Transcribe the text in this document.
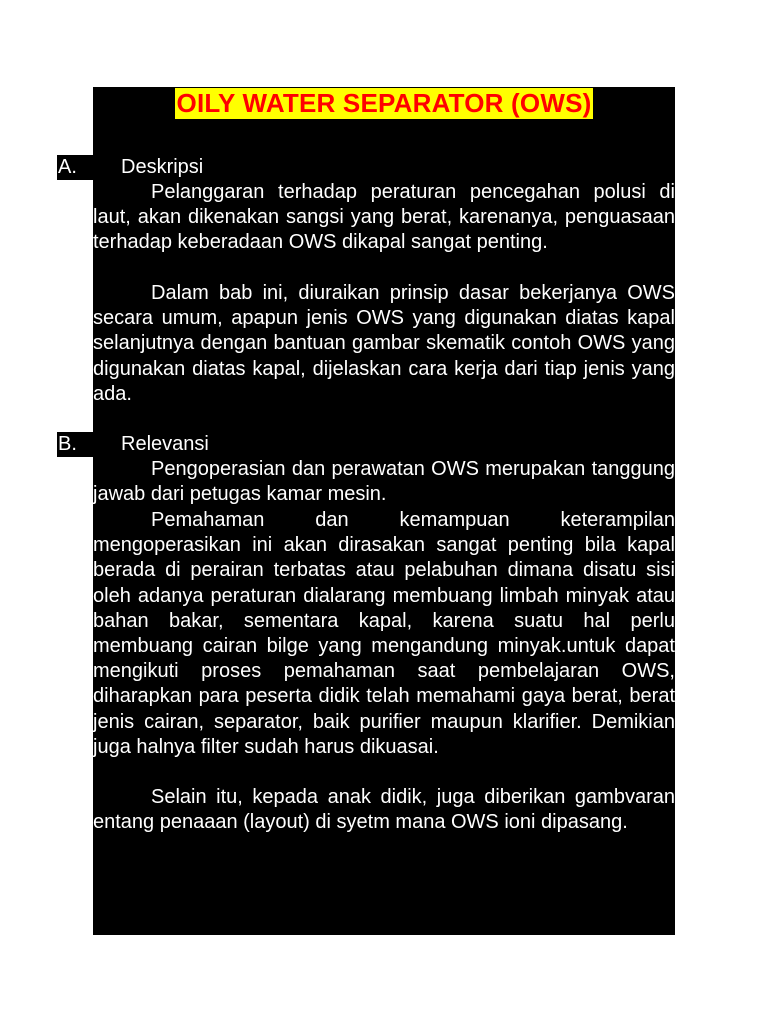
OILY WATER SEPARATOR (OWS)
A.	Deskripsi

Pelanggaran terhadap peraturan pencegahan polusi di laut, akan dikenakan sangsi yang berat, karenanya, penguasaan terhadap keberadaan OWS dikapal sangat penting.

Dalam bab ini, diuraikan prinsip dasar bekerjanya OWS secara umum, apapun jenis OWS yang digunakan diatas kapal selanjutnya dengan bantuan gambar skematik contoh OWS yang digunakan diatas kapal, dijelaskan cara kerja dari tiap jenis yang ada.

B.	Relevansi

Pengoperasian dan perawatan OWS merupakan tanggung jawab dari petugas kamar mesin.

Pemahaman dan kemampuan keterampilan mengoperasikan ini akan dirasakan sangat penting bila kapal berada di perairan terbatas atau pelabuhan dimana disatu sisi oleh adanya peraturan dialarang membuang limbah minyak atau bahan bakar, sementara kapal, karena suatu hal perlu membuang cairan bilge yang mengandung minyak.untuk dapat mengikuti proses pemahaman saat pembelajaran OWS, diharapkan para peserta didik telah memahami gaya berat, berat jenis cairan, separator, baik purifier maupun klarifier. Demikian juga halnya filter sudah harus dikuasai.

Selain itu, kepada anak didik, juga diberikan gambvaran entang penaaan (layout) di syetm mana OWS ioni dipasang.
